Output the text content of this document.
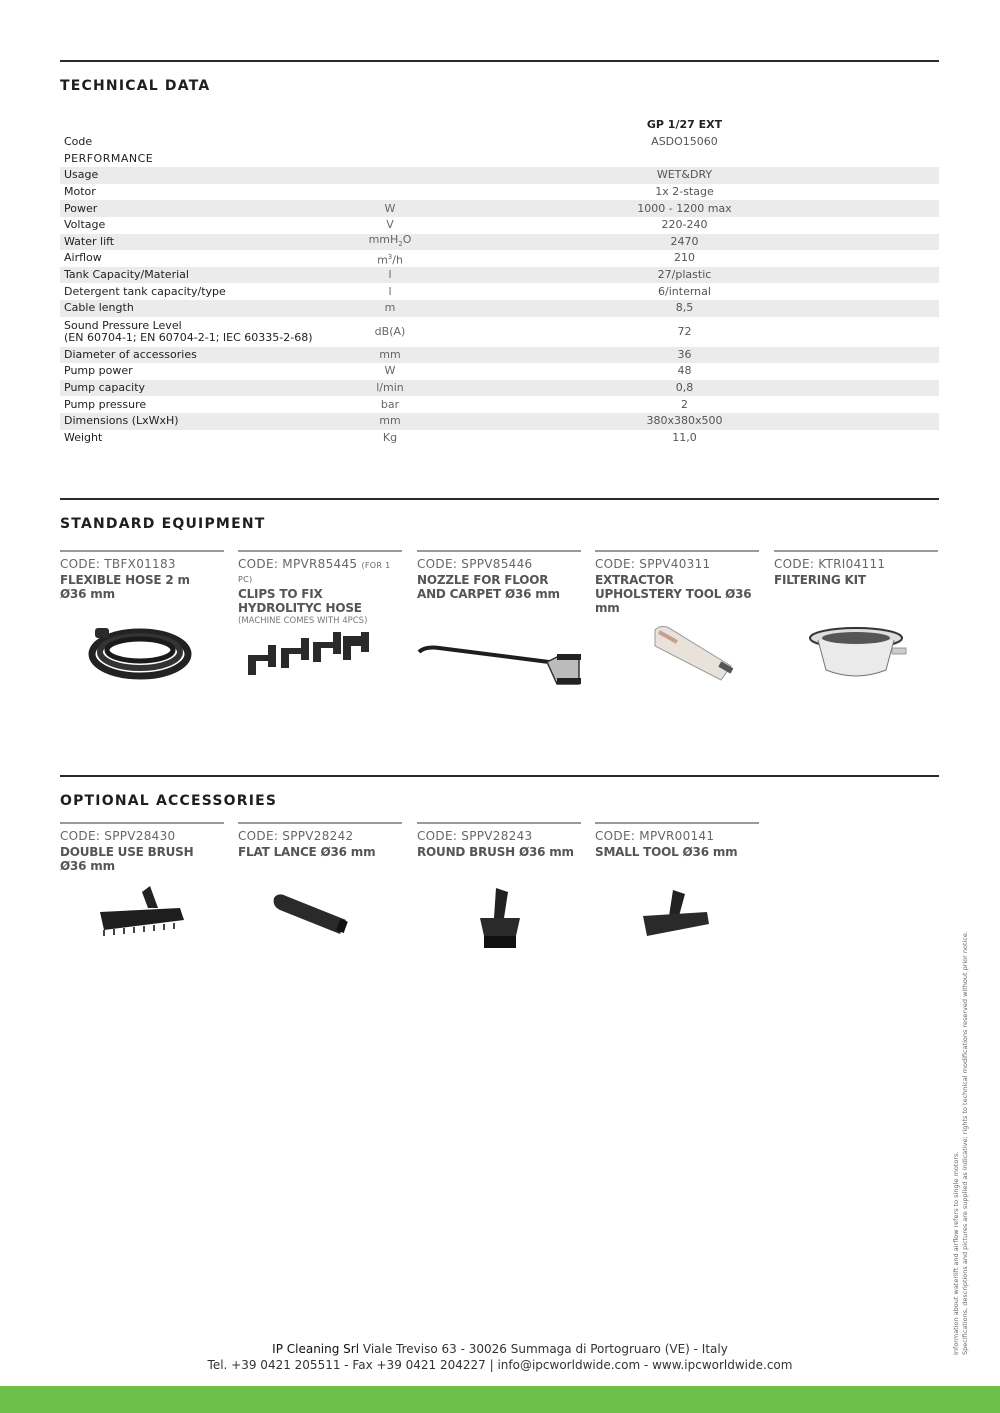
TECHNICAL DATA
		GP 1/27 EXT
Code		ASDO15060
PERFORMANCE		
Usage		WET&DRY
Motor		1x 2-stage
Power	W	1000 - 1200 max
Voltage	V	220-240
Water lift	mmH$_2$O	2470
Airflow	$m^3/h$	210
Tank Capacity/Material	l	27/plastic
Detergent tank capacity/type	l	6/internal
Cable length	m	8,5

Sound Pressure Level
(EN 60704-1; EN 60704-2-1; IEC 60335-2-68)	dB(A)	72
Diameter of accessories	mm	36
Pump power	W	48
Pump capacity	l/min	0,8
Pump pressure	bar	2
Dimensions (LxWxH)	mm	380x380x500
Weight	Kg	11,0
STANDARD EQUIPMENT
CODE: TBFX01183
FLEXIBLE HOSE 2 m Ø36 mm
CODE: MPVR85445 (FOR 1 PC)
CLIPS TO FIX HYDROLITYC HOSE
(MACHINE COMES WITH 4PCS)
CODE: SPPV85446
NOZZLE FOR FLOOR AND CARPET Ø36 mm
CODE: SPPV40311
EXTRACTOR UPHOLSTERY TOOL Ø36 mm
CODE: KTRI04111
FILTERING KIT
OPTIONAL ACCESSORIES
CODE: SPPV28430
DOUBLE USE BRUSH Ø36 mm
CODE: SPPV28242
FLAT LANCE Ø36 mm
CODE: SPPV28243
ROUND BRUSH Ø36 mm
CODE: MPVR00141
SMALL TOOL Ø36 mm
Information about waterlift and airflow refers to single motors. Specifications, descriptions and pictures are supplied as indicative; rights to technical modifications reserved without prior notice.
IP Cleaning Srl Viale Treviso 63 - 30026 Summaga di Portogruaro (VE) - Italy
Tel. +39 0421 205511 - Fax +39 0421 204227 | info@ipcworldwide.com - www.ipcworldwide.com
